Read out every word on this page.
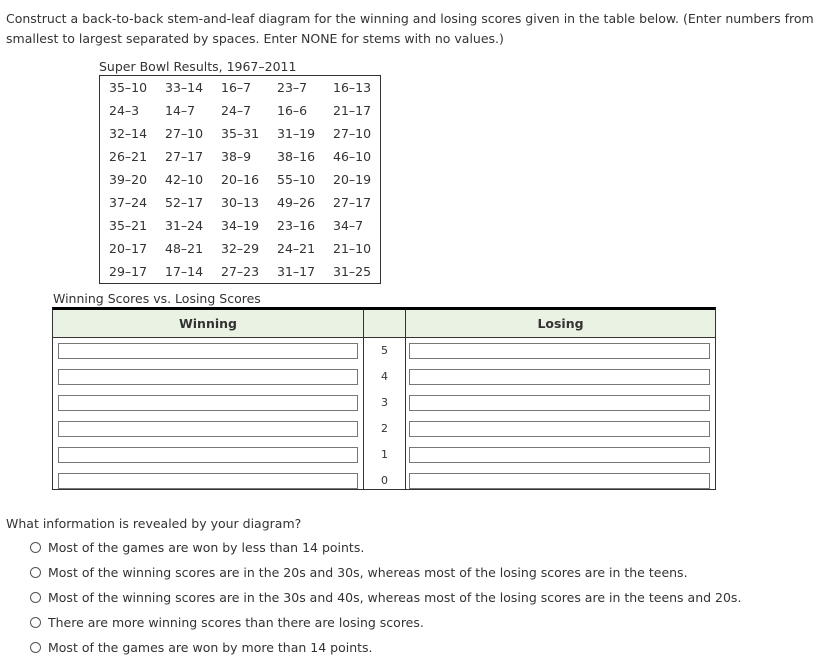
Construct a back-to-back stem-and-leaf diagram for the winning and losing scores given in the table below. (Enter numbers from smallest to largest separated by spaces. Enter NONE for stems with no values.)
Super Bowl Results, 1967–2011
35–10	33–14	16–7	23–7	16–13
24–3	14–7	24–7	16–6	21–17
32–14	27–10	35–31	31–19	27–10
26–21	27–17	38–9	38–16	46–10
39–20	42–10	20–16	55–10	20–19
37–24	52–17	30–13	49–26	27–17
35–21	31–24	34–19	23–16	34–7
20–17	48–21	32–29	24–21	21–10
29–17	17–14	27–23	31–17	31–25
Winning Scores vs. Losing Scores
Winning	Losing
5
4
3
2
1
0
What information is revealed by your diagram?
Most of the games are won by less than 14 points.
Most of the winning scores are in the 20s and 30s, whereas most of the losing scores are in the teens.
Most of the winning scores are in the 30s and 40s, whereas most of the losing scores are in the teens and 20s.
There are more winning scores than there are losing scores.
Most of the games are won by more than 14 points.
